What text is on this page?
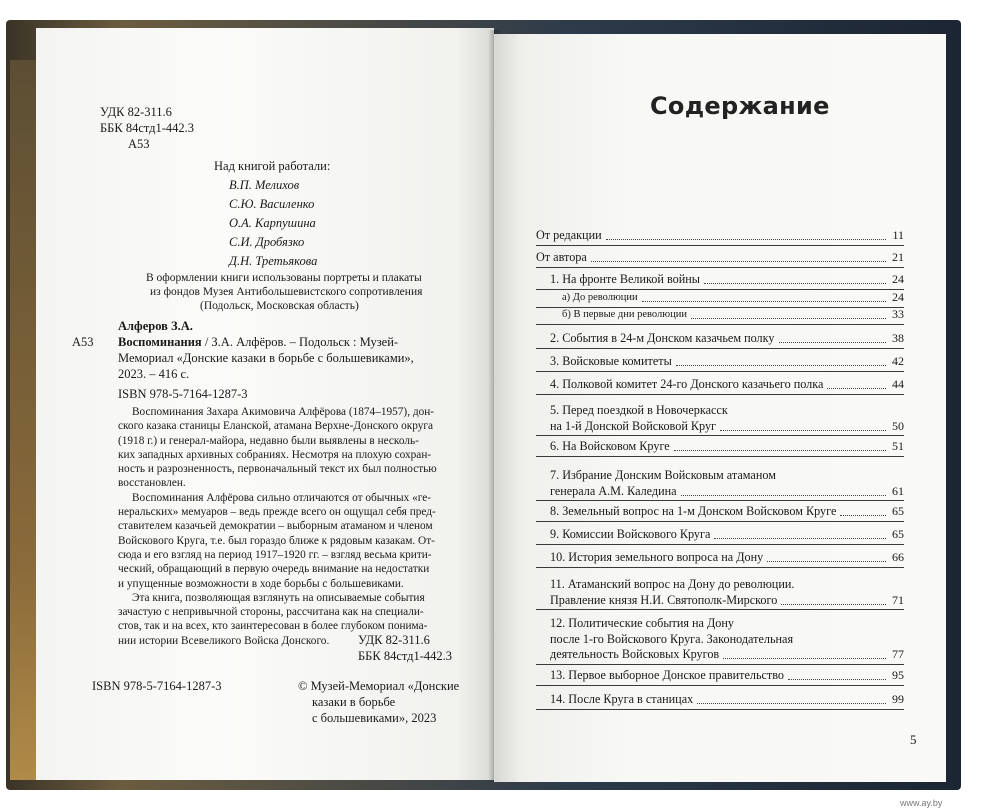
УДК 82-311.6
ББК 84стд1-442.3
А53
Над книгой работали:
В.П. Мелихов
С.Ю. Василенко
О.А. Карпушина
С.И. Дробязко
Д.Н. Третьякова
В оформлении книги использованы портреты и плакаты
из фондов Музея Антибольшевистского сопротивления
(Подольск, Московская область)
Алферов З.А.
А53 Воспоминания / З.А. Алфёров. – Подольск : Музей-
Мемориал «Донские казаки в борьбе с большевиками»,
2023. – 416 с.
ISBN 978-5-7164-1287-3
Воспоминания Захара Акимовича Алфёрова (1874–1957), дон-
ского казака станицы Еланской, атамана Верхне-Донского округа
(1918 г.) и генерал-майора, недавно были выявлены в несколь-
ких западных архивных собраниях. Несмотря на плохую сохран-
ность и разрозненность, первоначальный текст их был полностью
восстановлен.
Воспоминания Алфёрова сильно отличаются от обычных «ге-
неральских» мемуаров – ведь прежде всего он ощущал себя пред-
ставителем казачьей демократии – выборным атаманом и членом
Войскового Круга, т.е. был гораздо ближе к рядовым казакам. От-
сюда и его взгляд на период 1917–1920 гг. – взгляд весьма крити-
ческий, обращающий в первую очередь внимание на недостатки
и упущенные возможности в ходе борьбы с большевиками.
Эта книга, позволяющая взглянуть на описываемые события
зачастую с непривычной стороны, рассчитана как на специали-
стов, так и на всех, кто заинтересован в более глубоком понима-
нии истории Всевеликого Войска Донского.	УДК 82-311.6
ББК 84стд1-442.3
ISBN 978-5-7164-1287-3	© Музей-Мемориал «Донские
казаки в борьбе
с большевиками», 2023
Содержание
От редакции	11
От автора	21
1. На фронте Великой войны	24
а) До революции	24
б) В первые дни революции	33
2. События в 24-м Донском казачьем полку	38
3. Войсковые комитеты	42
4. Полковой комитет 24-го Донского казачьего полка	44
5. Перед поездкой в Новочеркасск
на 1-й Донской Войсковой Круг	50
6. На Войсковом Круге	51
7. Избрание Донским Войсковым атаманом
генерала А.М. Каледина	61
8. Земельный вопрос на 1-м Донском Войсковом Круге	65
9. Комиссии Войскового Круга	65
10. История земельного вопроса на Дону	66
11. Атаманский вопрос на Дону до революции.
Правление князя Н.И. Святополк-Мирского	71
12. Политические события на Дону
после 1-го Войскового Круга. Законодательная
деятельность Войсковых Кругов	77
13. Первое выборное Донское правительство	95
14. После Круга в станицах	99
5
www.ay.by
